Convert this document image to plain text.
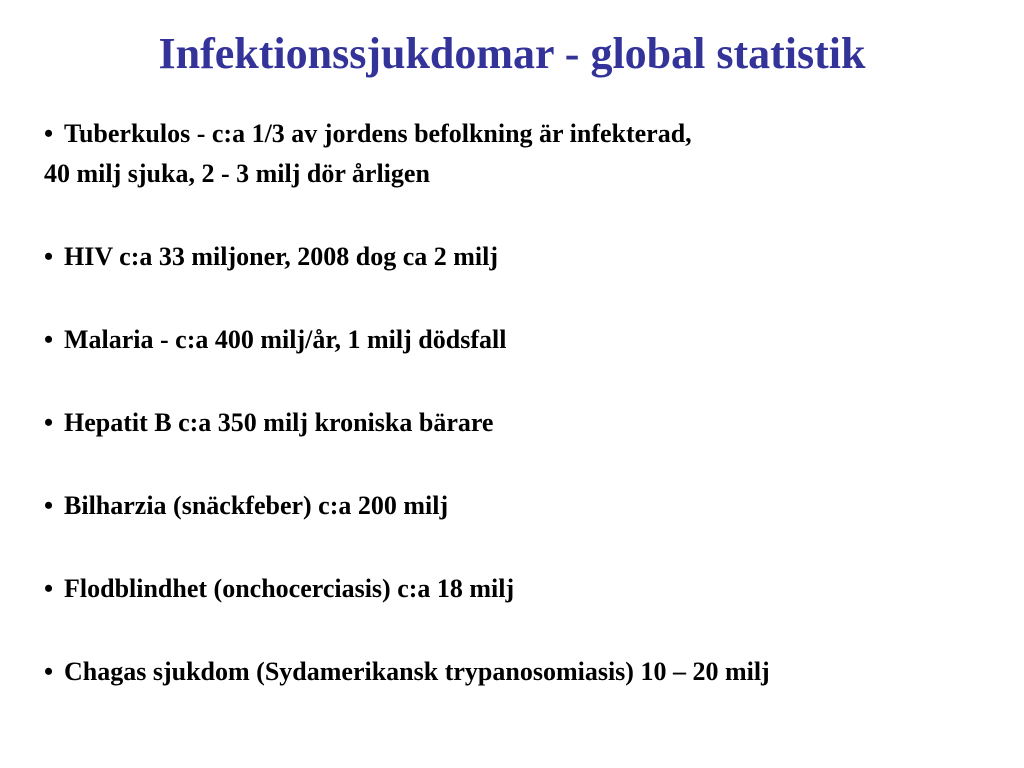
Infektionssjukdomar - global statistik
• Tuberkulos - c:a 1/3 av jordens befolkning är infekterad,
40 milj sjuka, 2 - 3 milj dör årligen
• HIV c:a 33 miljoner, 2008 dog ca 2 milj
• Malaria - c:a 400 milj/år, 1 milj dödsfall
• Hepatit B c:a 350 milj kroniska bärare
• Bilharzia (snäckfeber) c:a 200 milj
• Flodblindhet (onchocerciasis) c:a 18 milj
• Chagas sjukdom (Sydamerikansk trypanosomiasis) 10 – 20 milj
